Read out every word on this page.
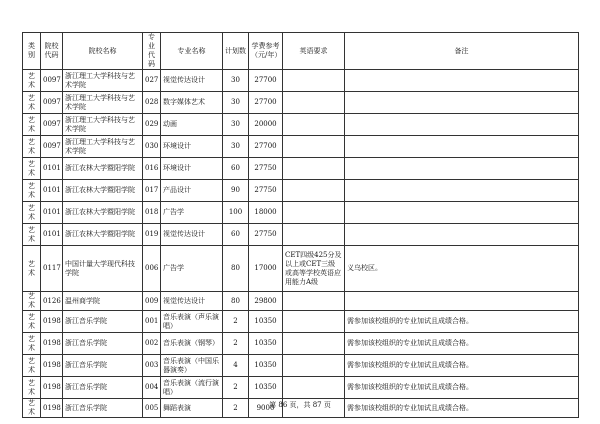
类别	院校代码	院校名称	专业代码	专业名称	计划数	学费参考（元/年）	英语要求	备注
艺术	0097	浙江理工大学科技与艺术学院	027	视觉传达设计	30	27700		
艺术	0097	浙江理工大学科技与艺术学院	028	数字媒体艺术	30	27700		
艺术	0097	浙江理工大学科技与艺术学院	029	动画	30	20000		
艺术	0097	浙江理工大学科技与艺术学院	030	环境设计	30	27700		
艺术	0101	浙江农林大学暨阳学院	016	环境设计	60	27750		
艺术	0101	浙江农林大学暨阳学院	017	产品设计	90	27750		
艺术	0101	浙江农林大学暨阳学院	018	广告学	100	18000		
艺术	0101	浙江农林大学暨阳学院	019	视觉传达设计	60	27750		
艺术	0117	中国计量大学现代科技学院	006	广告学	80	17000	CET四级425分及以上或CET三级或高等学校英语应用能力A级	义乌校区。
艺术	0126	温州商学院	009	视觉传达设计	80	29800		
艺术	0198	浙江音乐学院	001	音乐表演（声乐演唱）	2	10350		需参加该校组织的专业加试且成绩合格。
艺术	0198	浙江音乐学院	002	音乐表演（钢琴）	2	10350		需参加该校组织的专业加试且成绩合格。
艺术	0198	浙江音乐学院	003	音乐表演（中国乐器演奏）	4	10350		需参加该校组织的专业加试且成绩合格。
艺术	0198	浙江音乐学院	004	音乐表演（流行演唱）	2	10350		需参加该校组织的专业加试且成绩合格。
艺术	0198	浙江音乐学院	005	舞蹈表演	2	9000		需参加该校组织的专业加试且成绩合格。
第 86 页，共 87 页
